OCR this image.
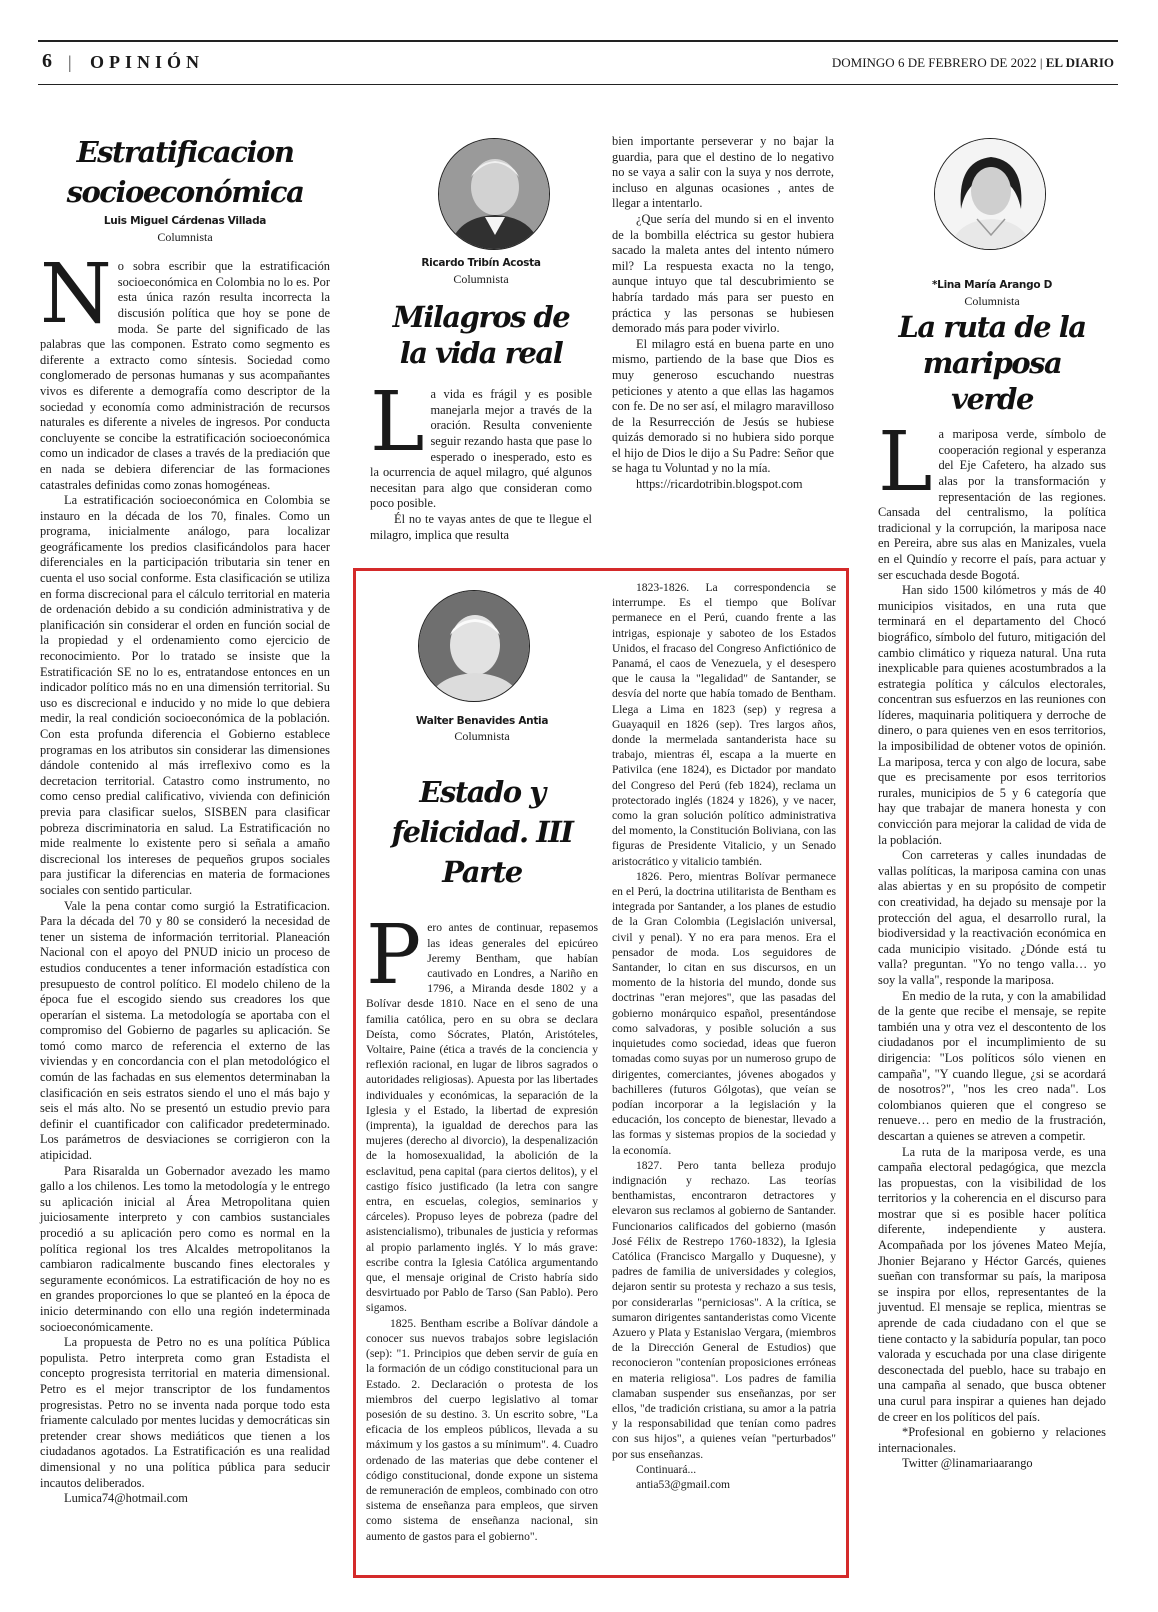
6 | OPINIÓN	DOMINGO 6 DE FEBRERO DE 2022 | EL DIARIO
Estratificacion socioeconómica
Luis Miguel Cárdenas Villada
Columnista

No sobra escribir que la estratificación socioeconómica en Colombia no lo es. Por esta única razón resulta incorrecta la discusión política que hoy se pone de moda. Se parte del significado de las palabras que las componen. Estrato como segmento es diferente a extracto como síntesis. Sociedad como conglomerado de personas humanas y sus acompañantes vivos es diferente a demografía como descriptor de la sociedad y economía como administración de recursos naturales es diferente a niveles de ingresos. Por conducta concluyente se concibe la estratificación socioeconómica como un indicador de clases a través de la prediación que en nada se debiera diferenciar de las formaciones catastrales definidas como zonas homogéneas.

La estratificación socioeconómica en Colombia se instauro en la década de los 70, finales. Como un programa, inicialmente análogo, para localizar geográficamente los predios clasificándolos para hacer diferenciales en la participación tributaria sin tener en cuenta el uso social conforme. Esta clasificación se utiliza en forma discrecional para el cálculo territorial en materia de ordenación debido a su condición administrativa y de planificación sin considerar el orden en función social de la propiedad y el ordenamiento como ejercicio de reconocimiento. Por lo tratado se insiste que la Estratificación SE no lo es, entratandose entonces en un indicador político más no en una dimensión territorial. Su uso es discrecional e inducido y no mide lo que debiera medir, la real condición socioeconómica de la población. Con esta profunda diferencia el Gobierno establece programas en los atributos sin considerar las dimensiones dándole contenido al más irreflexivo como es la decretacion territorial. Catastro como instrumento, no como censo predial calificativo, vivienda con definición previa para clasificar suelos, SISBEN para clasificar pobreza discriminatoria en salud. La Estratificación no mide realmente lo existente pero si señala a amaño discrecional los intereses de pequeños grupos sociales para justificar la diferencias en materia de formaciones sociales con sentido particular.

Vale la pena contar como surgió la Estratificacion. Para la década del 70 y 80 se consideró la necesidad de tener un sistema de información territorial. Planeación Nacional con el apoyo del PNUD inicio un proceso de estudios conducentes a tener información estadística con presupuesto de control político. El modelo chileno de la época fue el escogido siendo sus creadores los que operarían el sistema. La metodología se aportaba con el compromiso del Gobierno de pagarles su aplicación. Se tomó como marco de referencia el externo de las viviendas y en concordancia con el plan metodológico el común de las fachadas en sus elementos determinaban la clasificación en seis estratos siendo el uno el más bajo y seis el más alto. No se presentó un estudio previo para definir el cuantificador con calificador predeterminado. Los parámetros de desviaciones se corrigieron con la atipicidad.

Para Risaralda un Gobernador avezado les mamo gallo a los chilenos. Les tomo la metodología y le entrego su aplicación inicial al Área Metropolitana quien juiciosamente interpreto y con cambios sustanciales procedió a su aplicación pero como es normal en la política regional los tres Alcaldes metropolitanos la cambiaron radicalmente buscando fines electorales y seguramente económicos. La estratificación de hoy no es en grandes proporciones lo que se planteó en la época de inicio determinando con ello una región indeterminada socioeconómicamente.

La propuesta de Petro no es una política Pública populista. Petro interpreta como gran Estadista el concepto progresista territorial en materia dimensional. Petro es el mejor transcriptor de los fundamentos progresistas. Petro no se inventa nada porque todo esta friamente calculado por mentes lucidas y democráticas sin pretender crear shows mediáticos que tienen a los ciudadanos agotados. La Estratificación es una realidad dimensional y no una política pública para seducir incautos deliberados.

Lumica74@hotmail.com

Ricardo Tribín Acosta
Columnista
Milagros de la vida real

La vida es frágil y es posible manejarla mejor a través de la oración. Resulta conveniente seguir rezando hasta que pase lo esperado o inesperado, esto es la ocurrencia de aquel milagro, qué algunos necesitan para algo que consideran como poco posible.

Él no te vayas antes de que te llegue el milagro, implica que resulta

bien importante perseverar y no bajar la guardia, para que el destino de lo negativo no se vaya a salir con la suya y nos derrote, incluso en algunas ocasiones , antes de llegar a intentarlo.

¿Que sería del mundo si en el invento de la bombilla eléctrica su gestor hubiera sacado la maleta antes del intento número mil? La respuesta exacta no la tengo, aunque intuyo que tal descubrimiento se habría tardado más para ser puesto en práctica y las personas se hubiesen demorado más para poder vivirlo.

El milagro está en buena parte en uno mismo, partiendo de la base que Dios es muy generoso escuchando nuestras peticiones y atento a que ellas las hagamos con fe. De no ser así, el milagro maravilloso de la Resurrección de Jesús se hubiese quizás demorado si no hubiera sido porque el hijo de Dios le dijo a Su Padre: Señor que se haga tu Voluntad y no la mía.

https://ricardotribin.blogspot.com

*Lina María Arango D
Columnista
La ruta de la mariposa verde

La mariposa verde, símbolo de cooperación regional y esperanza del Eje Cafetero, ha alzado sus alas por la transformación y representación de las regiones. Cansada del centralismo, la política tradicional y la corrupción, la mariposa nace en Pereira, abre sus alas en Manizales, vuela en el Quindío y recorre el país, para actuar y ser escuchada desde Bogotá.

Han sido 1500 kilómetros y más de 40 municipios visitados, en una ruta que terminará en el departamento del Chocó biográfico, símbolo del futuro, mitigación del cambio climático y riqueza natural. Una ruta inexplicable para quienes acostumbrados a la estrategia política y cálculos electorales, concentran sus esfuerzos en las reuniones con líderes, maquinaria politiquera y derroche de dinero, o para quienes ven en esos territorios, la imposibilidad de obtener votos de opinión. La mariposa, terca y con algo de locura, sabe que es precisamente por esos territorios rurales, municipios de 5 y 6 categoría que hay que trabajar de manera honesta y con convicción para mejorar la calidad de vida de la población.

Con carreteras y calles inundadas de vallas políticas, la mariposa camina con unas alas abiertas y en su propósito de competir con creatividad, ha dejado su mensaje por la protección del agua, el desarrollo rural, la biodiversidad y la reactivación económica en cada municipio visitado. ¿Dónde está tu valla? preguntan. "Yo no tengo valla… yo soy la valla", responde la mariposa.

En medio de la ruta, y con la amabilidad de la gente que recibe el mensaje, se repite también una y otra vez el descontento de los ciudadanos por el incumplimiento de su dirigencia: "Los políticos sólo vienen en campaña", "Y cuando llegue, ¿si se acordará de nosotros?", "nos les creo nada". Los colombianos quieren que el congreso se renueve… pero en medio de la frustración, descartan a quienes se atreven a competir.

La ruta de la mariposa verde, es una campaña electoral pedagógica, que mezcla las propuestas, con la visibilidad de los territorios y la coherencia en el discurso para mostrar que si es posible hacer política diferente, independiente y austera. Acompañada por los jóvenes Mateo Mejía, Jhonier Bejarano y Héctor Garcés, quienes sueñan con transformar su país, la mariposa se inspira por ellos, representantes de la juventud. El mensaje se replica, mientras se aprende de cada ciudadano con el que se tiene contacto y la sabiduría popular, tan poco valorada y escuchada por una clase dirigente desconectada del pueblo, hace su trabajo en una campaña al senado, que busca obtener una curul para inspirar a quienes han dejado de creer en los políticos del país.

*Profesional en gobierno y relaciones internacionales.

Twitter @linamariaarango

Walter Benavides Antia
Columnista
Estado y felicidad. III Parte

Pero antes de continuar, repasemos las ideas generales del epicúreo Jeremy Bentham, que habían cautivado en Londres, a Nariño en 1796, a Miranda desde 1802 y a Bolívar desde 1810. Nace en el seno de una familia católica, pero en su obra se declara Deísta, como Sócrates, Platón, Aristóteles, Voltaire, Paine (ética a través de la conciencia y reflexión racional, en lugar de libros sagrados o autoridades religiosas). Apuesta por las libertades individuales y económicas, la separación de la Iglesia y el Estado, la libertad de expresión (imprenta), la igualdad de derechos para las mujeres (derecho al divorcio), la despenalización de la homosexualidad, la abolición de la esclavitud, pena capital (para ciertos delitos), y el castigo físico justificado (la letra con sangre entra, en escuelas, colegios, seminarios y cárceles). Propuso leyes de pobreza (padre del asistencialismo), tribunales de justicia y reformas al propio parlamento inglés. Y lo más grave: escribe contra la Iglesia Católica argumentando que, el mensaje original de Cristo habría sido desvirtuado por Pablo de Tarso (San Pablo). Pero sigamos.

1825. Bentham escribe a Bolívar dándole a conocer sus nuevos trabajos sobre legislación (sep): "1. Principios que deben servir de guía en la formación de un código constitucional para un Estado. 2. Declaración o protesta de los miembros del cuerpo legislativo al tomar posesión de su destino. 3. Un escrito sobre, "La eficacia de los empleos públicos, llevada a su máximum y los gastos a su mínimum". 4. Cuadro ordenado de las materias que debe contener el código constitucional, donde expone un sistema de remuneración de empleos, combinado con otro sistema de enseñanza para empleos, que sirven como sistema de enseñanza nacional, sin aumento de gastos para el gobierno".

1823-1826. La correspondencia se interrumpe. Es el tiempo que Bolívar permanece en el Perú, cuando frente a las intrigas, espionaje y saboteo de los Estados Unidos, el fracaso del Congreso Anfictiónico de Panamá, el caos de Venezuela, y el desespero que le causa la "legalidad" de Santander, se desvía del norte que había tomado de Bentham. Llega a Lima en 1823 (sep) y regresa a Guayaquil en 1826 (sep). Tres largos años, donde la mermelada santanderista hace su trabajo, mientras él, escapa a la muerte en Pativilca (ene 1824), es Dictador por mandato del Congreso del Perú (feb 1824), reclama un protectorado inglés (1824 y 1826), y ve nacer, como la gran solución político administrativa del momento, la Constitución Boliviana, con las figuras de Presidente Vitalicio, y un Senado aristocrático y vitalicio también.

1826. Pero, mientras Bolívar permanece en el Perú, la doctrina utilitarista de Bentham es integrada por Santander, a los planes de estudio de la Gran Colombia (Legislación universal, civil y penal). Y no era para menos. Era el pensador de moda. Los seguidores de Santander, lo citan en sus discursos, en un momento de la historia del mundo, donde sus doctrinas "eran mejores", que las pasadas del gobierno monárquico español, presentándose como salvadoras, y posible solución a sus inquietudes como sociedad, ideas que fueron tomadas como suyas por un numeroso grupo de dirigentes, comerciantes, jóvenes abogados y bachilleres (futuros Gólgotas), que veían se podían incorporar a la legislación y la educación, los concepto de bienestar, llevado a las formas y sistemas propios de la sociedad y la economía.

1827. Pero tanta belleza produjo indignación y rechazo. Las teorías benthamistas, encontraron detractores y elevaron sus reclamos al gobierno de Santander. Funcionarios calificados del gobierno (masón José Félix de Restrepo 1760-1832), la Iglesia Católica (Francisco Margallo y Duquesne), y padres de familia de universidades y colegios, dejaron sentir su protesta y rechazo a sus tesis, por considerarlas "perniciosas". A la crítica, se sumaron dirigentes santanderistas como Vicente Azuero y Plata y Estanislao Vergara, (miembros de la Dirección General de Estudios) que reconocieron "contenían proposiciones erróneas en materia religiosa". Los padres de familia clamaban suspender sus enseñanzas, por ser ellos, "de tradición cristiana, su amor a la patria y la responsabilidad que tenían como padres con sus hijos", a quienes veían "perturbados" por sus enseñanzas.

Continuará...

antia53@gmail.com
